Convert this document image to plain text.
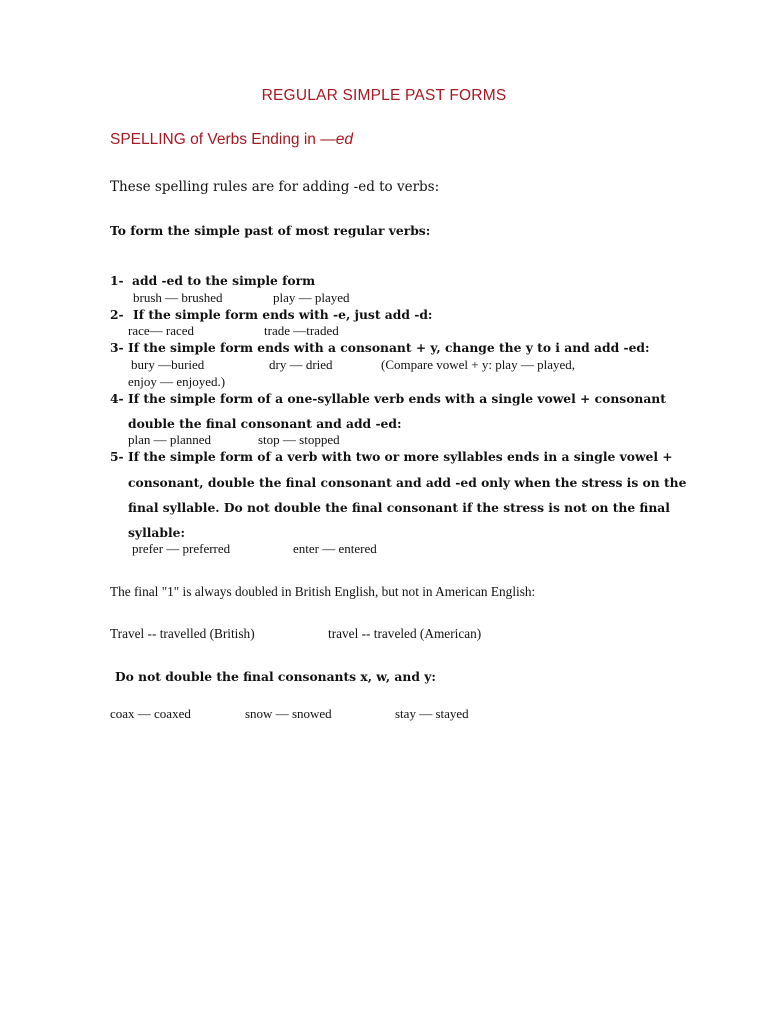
REGULAR SIMPLE PAST FORMS
SPELLING of Verbs Ending in —ed
These spelling rules are for adding -ed to verbs:
To form the simple past of most regular verbs:
1- add -ed to the simple form
brush — brushed	play — played
2- If the simple form ends with -e, just add -d:
race— raced	trade —traded
3- If the simple form ends with a consonant + y, change the y to i and add -ed:
bury —buried	dry — dried	(Compare vowel + y: play — played,
enjoy — enjoyed.)
4- If the simple form of a one-syllable verb ends with a single vowel + consonant
double the final consonant and add -ed:
plan — planned	stop — stopped
5- If the simple form of a verb with two or more syllables ends in a single vowel +
consonant, double the final consonant and add -ed only when the stress is on the
final syllable. Do not double the final consonant if the stress is not on the final
syllable:
prefer — preferred	enter — entered
The final "1" is always doubled in British English, but not in American English:
Travel -- travelled (British)	travel -- traveled (American)
Do not double the final consonants x, w, and y:
coax — coaxed	snow — snowed	stay — stayed
